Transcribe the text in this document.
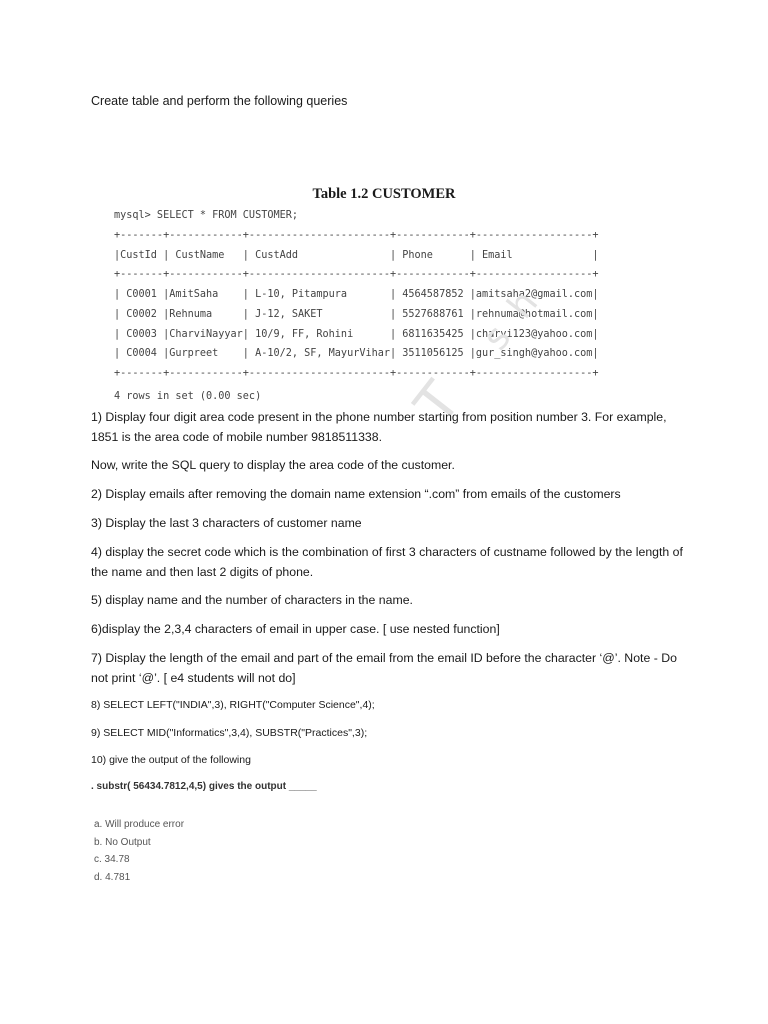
Create table and perform the following queries
Table 1.2 CUSTOMER
mysql> SELECT * FROM CUSTOMER;
+-------+------------+-----------------------+------------+-------------------+
|CustId | CustName   | CustAdd               | Phone      | Email             |
+-------+------------+-----------------------+------------+-------------------+
| C0001 |AmitSaha    | L-10, Pitampura       | 4564587852 |amitsaha2@gmail.com|
| C0002 |Rehnuma     | J-12, SAKET           | 5527688761 |rehnuma@hotmail.com|
| C0003 |CharviNayyar| 10/9, FF, Rohini      | 6811635425 |charvi123@yahoo.com|
| C0004 |Gurpreet    | A-10/2, SF, MayurVihar| 3511056125 |gur_singh@yahoo.com|
+-------+------------+-----------------------+------------+-------------------+
4 rows in set (0.00 sec)	T
s
h
1) Display four digit area code present in the phone number starting from position number 3. For example, 1851 is the area code of mobile number 9818511338.
Now, write the SQL query to display the area code of the customer.
2) Display emails after removing the domain name extension “.com” from emails of the customers
3) Display the last 3 characters of customer name
4) display the secret code which is the combination of first 3 characters of custname followed by the length of the name and then last 2 digits of phone.
5) display name and the number of characters in the name.
6)display the 2,3,4 characters of email in upper case. [ use nested function]
7) Display the length of the email and part of the email from the email ID before the character ‘@’. Note - Do not print ‘@’. [ e4 students will not do]
8) SELECT LEFT("INDIA",3), RIGHT("Computer Science",4);
9) SELECT MID("Informatics",3,4), SUBSTR("Practices",3);
10) give the output of the following
. substr( 56434.7812,4,5) gives the output _____
a. Will produce error
b. No Output
c. 34.78
d. 4.781
